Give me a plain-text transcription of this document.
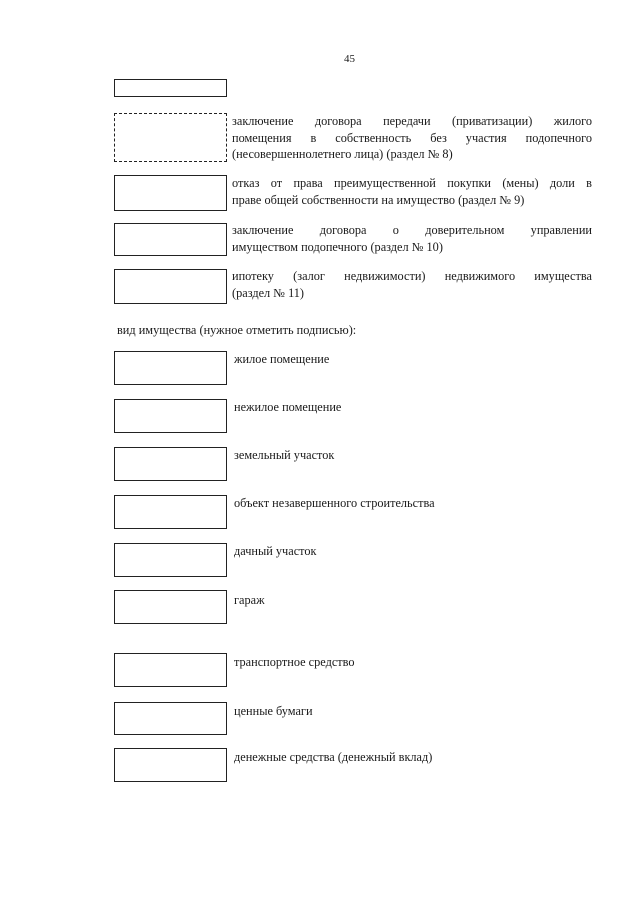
45
заключение договора передачи (приватизации) жилого
помещения в собственность без участия подопечного
(несовершеннолетнего лица) (раздел № 8)
отказ от права преимущественной покупки (мены) доли в
праве общей собственности на имущество (раздел № 9)
заключение договора о доверительном управлении
имуществом подопечного (раздел № 10)
ипотеку (залог недвижимости) недвижимого имущества
(раздел № 11)
вид имущества (нужное отметить подписью):
жилое помещение
нежилое помещение
земельный участок
объект незавершенного строительства
дачный участок
гараж
транспортное средство
ценные бумаги
денежные средства (денежный вклад)
